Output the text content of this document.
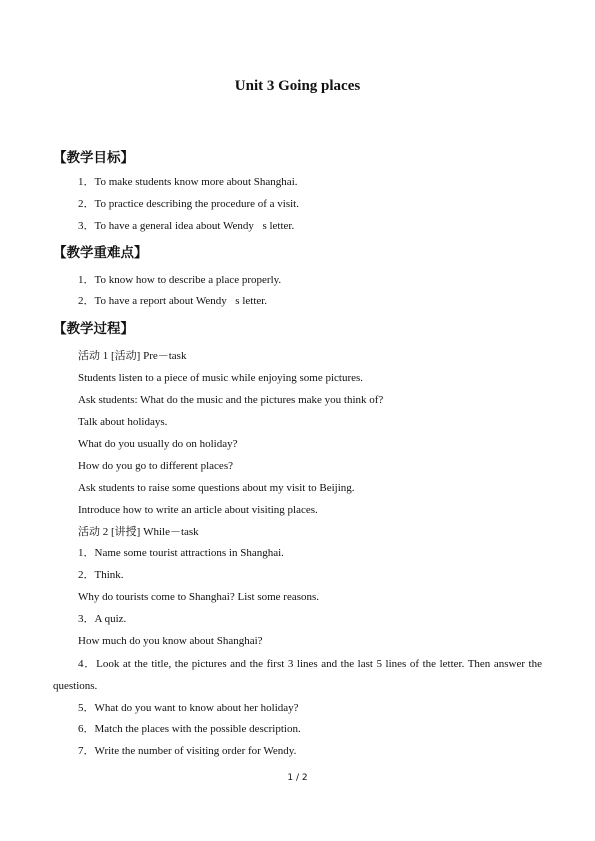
Unit 3 Going places
【教学目标】

1．To make students know more about Shanghai.

2．To practice describing the procedure of a visit.

3．To have a general idea about Wendy s letter.

【教学重难点】

1．To know how to describe a place properly.

2．To have a report about Wendy s letter.

【教学过程】

活动 1 [活动] Pre－task

Students listen to a piece of music while enjoying some pictures.

Ask students: What do the music and the pictures make you think of?

Talk about holidays.

What do you usually do on holiday?

How do you go to different places?

Ask students to raise some questions about my visit to Beijing.

Introduce how to write an article about visiting places.

活动 2 [讲授] While－task

1．Name some tourist attractions in Shanghai.

2．Think.

Why do tourists come to Shanghai? List some reasons.

3．A quiz.

How much do you know about Shanghai?

4．Look at the title, the pictures and the first 3 lines and the last 5 lines of the letter. Then answer the questions.

5．What do you want to know about her holiday?

6．Match the places with the possible description.

7．Write the number of visiting order for Wendy.

1 / 2
